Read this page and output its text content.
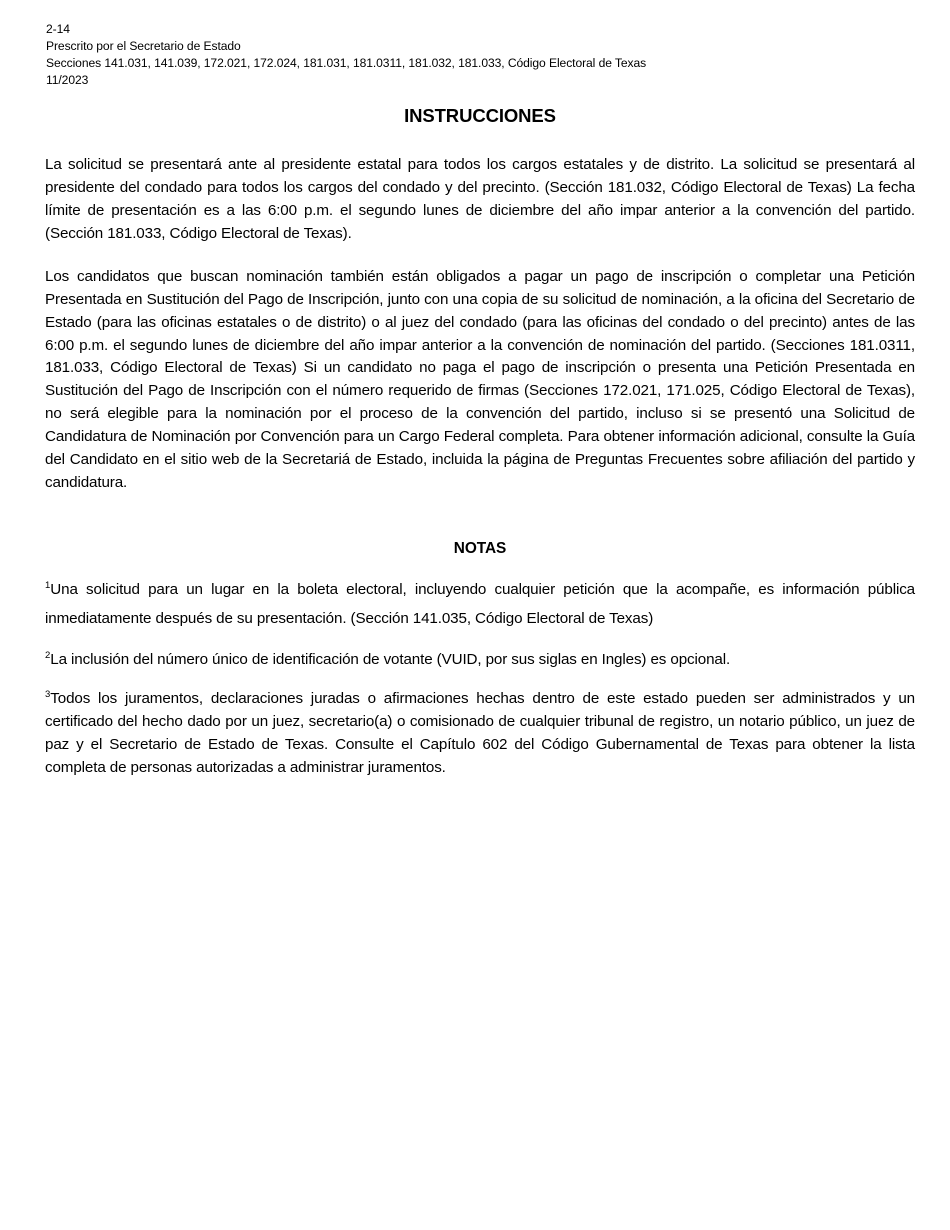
2-14
Prescrito por el Secretario de Estado
Secciones 141.031, 141.039, 172.021, 172.024, 181.031, 181.0311, 181.032, 181.033, Código Electoral de Texas
11/2023
INSTRUCCIONES

La solicitud se presentará ante al presidente estatal para todos los cargos estatales y de distrito. La solicitud se presentará al presidente del condado para todos los cargos del condado y del precinto. (Sección 181.032, Código Electoral de Texas) La fecha límite de presentación es a las 6:00 p.m. el segundo lunes de diciembre del año impar anterior a la convención del partido. (Sección 181.033, Código Electoral de Texas).

Los candidatos que buscan nominación también están obligados a pagar un pago de inscripción o completar una Petición Presentada en Sustitución del Pago de Inscripción, junto con una copia de su solicitud de nominación, a la oficina del Secretario de Estado (para las oficinas estatales o de distrito) o al juez del condado (para las oficinas del condado o del precinto) antes de las 6:00 p.m. el segundo lunes de diciembre del año impar anterior a la convención de nominación del partido. (Secciones 181.0311, 181.033, Código Electoral de Texas) Si un candidato no paga el pago de inscripción o presenta una Petición Presentada en Sustitución del Pago de Inscripción con el número requerido de firmas (Secciones 172.021, 171.025, Código Electoral de Texas), no será elegible para la nominación por el proceso de la convención del partido, incluso si se presentó una Solicitud de Candidatura de Nominación por Convención para un Cargo Federal completa. Para obtener información adicional, consulte la Guía del Candidato en el sitio web de la Secretariá de Estado, incluida la página de Preguntas Frecuentes sobre afiliación del partido y candidatura.

NOTAS

$^1$Una solicitud para un lugar en la boleta electoral, incluyendo cualquier petición que la acompañe, es información pública inmediatamente después de su presentación. (Sección 141.035, Código Electoral de Texas)

$^2$La inclusión del número único de identificación de votante (VUID, por sus siglas en Ingles) es opcional.

$^3$Todos los juramentos, declaraciones juradas o afirmaciones hechas dentro de este estado pueden ser administrados y un certificado del hecho dado por un juez, secretario(a) o comisionado de cualquier tribunal de registro, un notario público, un juez de paz y el Secretario de Estado de Texas. Consulte el Capítulo 602 del Código Gubernamental de Texas para obtener la lista completa de personas autorizadas a administrar juramentos.
